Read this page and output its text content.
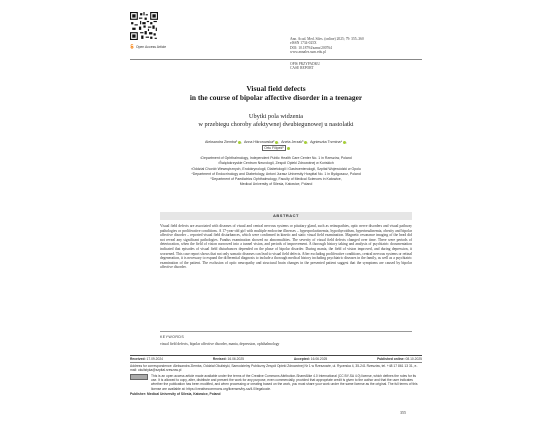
Open Access Article
Ann. Acad. Med. Siles. (online) 2025; 79: 355–360
eISSN 1734-025X
DOI: 10.18794/aams/200764
www.annales.sum.edu.pl
OPIS PRZYPADKU
CASE REPORT
Visual field defects
in the course of bipolar affective disorder in a teenager
Ubytki pola widzenia
w przebiegu choroby afektywnej dwubiegunowej u nastolatki
Aleksandra Ziemba¹ ,  Anna Hikrorowska² ,  Aneta Jerzak³ ,  Agnieszka Trzmina⁴ ,
Ortu Filipek⁵
¹Department of Ophthalmology, Independent Public Health Care Center No. 1 in Rzeszów, Poland
²Świętokrzyskie Centrum Neurologii, Zespół Opieki Zdrowotnej w Końskich
³Oddział Chorób Wewnętrznych, Endokrynologii, Diabetologii i Gastroenterologii, Szpital Wojewódzki w Opolu
⁴Department of Endocrinology and Diabetology, Antoni Jurasz University Hospital No. 1 in Bydgoszcz, Poland
⁵Department of Paediatrics Ophthalmology, Faculty of Medical Sciences in Katowice,
Medical University of Silesia, Katowice, Poland
ABSTRACT
Visual field defects are associated with diseases of visual and central nervous systems or pituitary gland, such as retinopathies, optic nerve disorders and visual pathway pathologies or proliferative conditions. A 17-year-old girl with multiple endocrine illnesses – hyperprolactinemia, hypothyroidism, hyperinsulinemia, obesity and bipolar affective disorder – reported visual field disturbances, which were confirmed in kinetic and static visual field examination. Magnetic resonance imaging of the head did not reveal any significant pathologies. Fundus examination showed no abnormalities. The severity of visual field defects changed over time. There were periods of deterioration, when the field of vision narrowed into a tunnel vision, and periods of improvement. A thorough history taking and analysis of psychiatric documentation indicated that episodes of visual field disturbances depended on the phase of bipolar disorder. During mania, the field of vision improved, and during depression, it worsened. This case report shows that not only somatic diseases can lead to visual field defects. After excluding proliferative conditions, central nervous systems or retinal degeneration, it is necessary to expand the differential diagnosis to include a thorough medical history including psychiatric diseases in the family, as well as a psychiatric examination of the patient. The exclusion of optic neuropathy and structural brain changes in the presented patient suggest that the symptoms are caused by bipolar affective disorder.
KEYWORDS
visual field defects, bipolar affective disorder, mania, depression, ophthalmology
Received: 17.09.2024	Revised: 16.06.2025	Accepted: 16.06.2025	Published online: 08.10.2025
Address for correspondence: Aleksandra Ziemba, Oddział Okulistyki, Samodzielny Publiczny Zespół Opieki Zdrowotnej Nr 1 w Rzeszowie, ul. Rycerska 4, 35-241 Rzeszów, tel. +48 17 861 13 31, e-mail: okulistyka@szpital.rzeszow.pl
This is an open access article made available under the terms of the Creative Commons Attribution-ShareAlike 4.0 International (CC BY-SA 4.0) license, which defines the rules for its use. It is allowed to copy, alter, distribute and present the work for any purpose, even commercially, provided that appropriate credit is given to the author and that the user indicates whether the publication has been modified, and when processing or creating based on the work, you must share your work under the same license as the original. The full terms of this license are available at: https://creativecommons.org/licenses/by-sa/4.0/legalcode.
Publisher: Medical University of Silesia, Katowice, Poland
355
